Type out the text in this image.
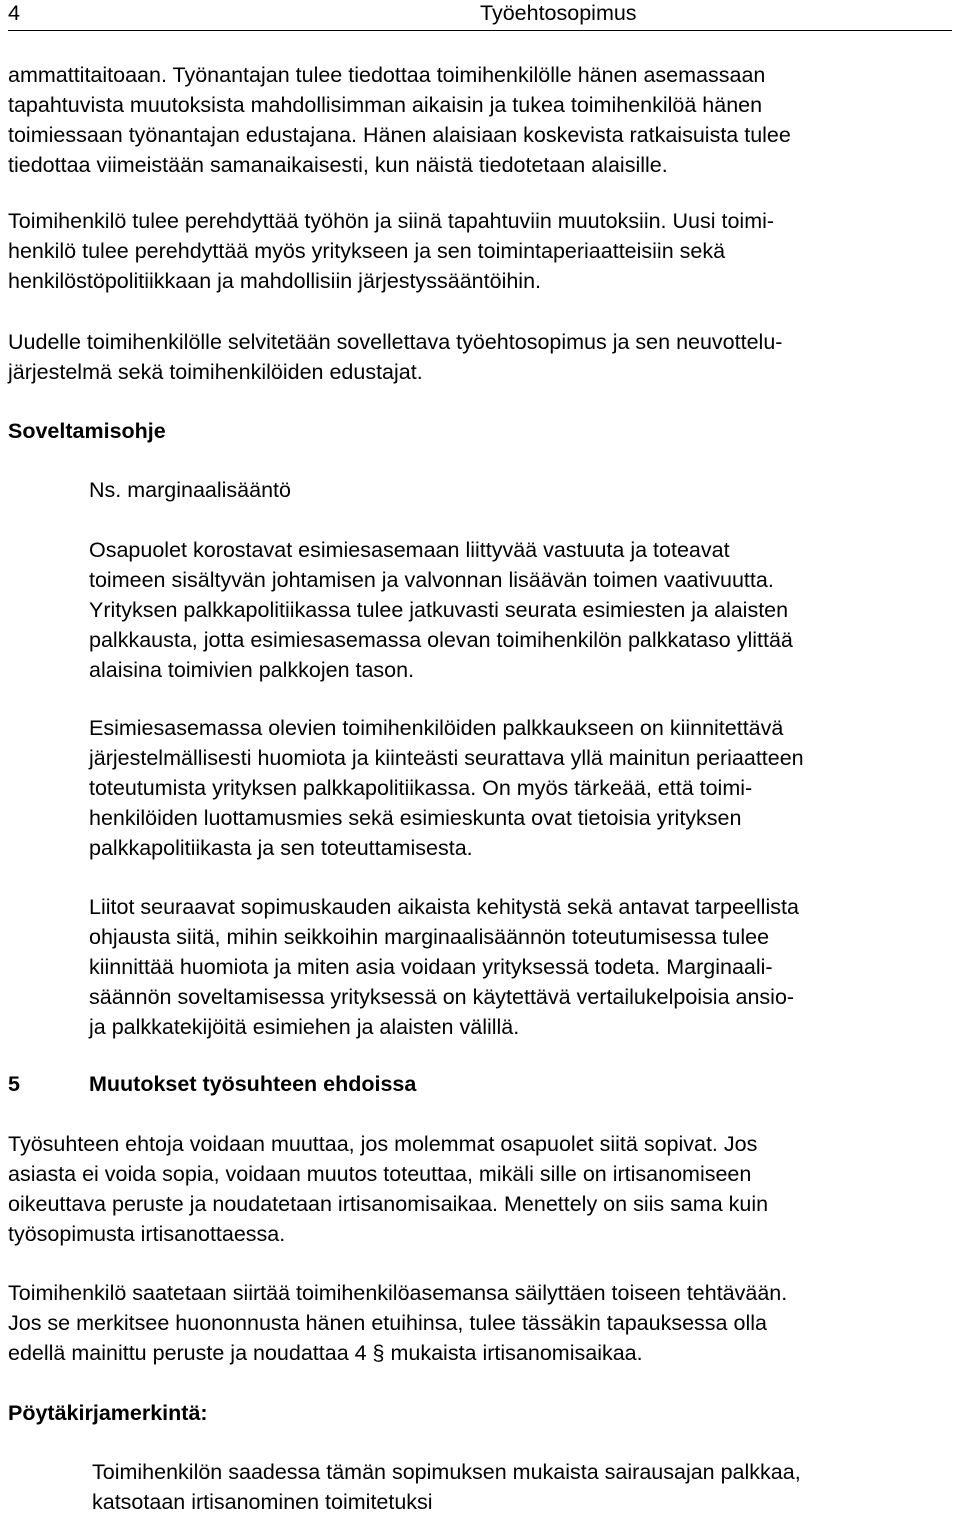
4	Työehtosopimus
ammattitaitoaan. Työnantajan tulee tiedottaa toimihenkilölle hänen asemassaan
tapahtuvista muutoksista mahdollisimman aikaisin ja tukea toimihenkilöä hänen
toimiessaan työnantajan edustajana. Hänen alaisiaan koskevista ratkaisuista tulee
tiedottaa viimeistään samanaikaisesti, kun näistä tiedotetaan alaisille.
Toimihenkilö tulee perehdyttää työhön ja siinä tapahtuviin muutoksiin. Uusi toimi-
henkilö tulee perehdyttää myös yritykseen ja sen toimintaperiaatteisiin sekä
henkilöstöpolitiikkaan ja mahdollisiin järjestyssääntöihin.
Uudelle toimihenkilölle selvitetään sovellettava työehtosopimus ja sen neuvottelu-
järjestelmä sekä toimihenkilöiden edustajat.
Soveltamisohje
Ns. marginaalisääntö
Osapuolet korostavat esimiesasemaan liittyvää vastuuta ja toteavat
toimeen sisältyvän johtamisen ja valvonnan lisäävän toimen vaativuutta.
Yrityksen palkkapolitiikassa tulee jatkuvasti seurata esimiesten ja alaisten
palkkausta, jotta esimiesasemassa olevan toimihenkilön palkkataso ylittää
alaisina toimivien palkkojen tason.
Esimiesasemassa olevien toimihenkilöiden palkkaukseen on kiinnitettävä
järjestelmällisesti huomiota ja kiinteästi seurattava yllä mainitun periaatteen
toteutumista yrityksen palkkapolitiikassa. On myös tärkeää, että toimi-
henkilöiden luottamusmies sekä esimieskunta ovat tietoisia yrityksen
palkkapolitiikasta ja sen toteuttamisesta.
Liitot seuraavat sopimuskauden aikaista kehitystä sekä antavat tarpeellista
ohjausta siitä, mihin seikkoihin marginaalisäännön toteutumisessa tulee
kiinnittää huomiota ja miten asia voidaan yrityksessä todeta. Marginaali-
säännön soveltamisessa yrityksessä on käytettävä vertailukelpoisia ansio-
ja palkkatekijöitä esimiehen ja alaisten välillä.
5	Muutokset työsuhteen ehdoissa
Työsuhteen ehtoja voidaan muuttaa, jos molemmat osapuolet siitä sopivat. Jos
asiasta ei voida sopia, voidaan muutos toteuttaa, mikäli sille on irtisanomiseen
oikeuttava peruste ja noudatetaan irtisanomisaikaa. Menettely on siis sama kuin
työsopimusta irtisanottaessa.
Toimihenkilö saatetaan siirtää toimihenkilöasemansa säilyttäen toiseen tehtävään.
Jos se merkitsee huononnusta hänen etuihinsa, tulee tässäkin tapauksessa olla
edellä mainittu peruste ja noudattaa 4 § mukaista irtisanomisaikaa.
Pöytäkirjamerkintä:
Toimihenkilön saadessa tämän sopimuksen mukaista sairausajan palkkaa,
katsotaan irtisanominen toimitetuksi
